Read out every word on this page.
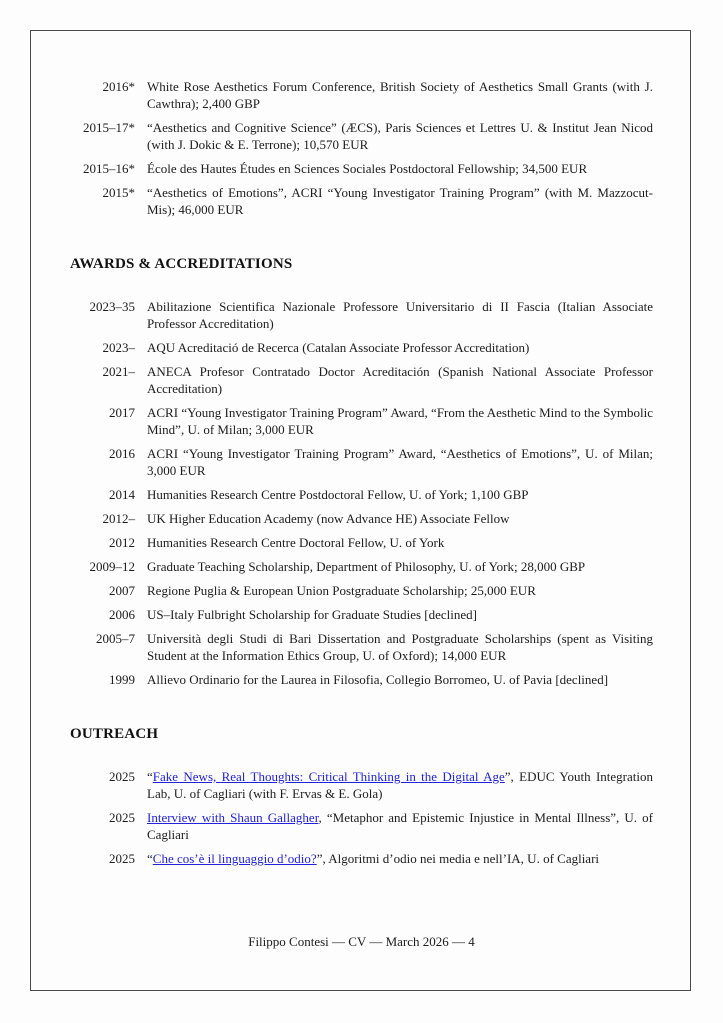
2016* White Rose Aesthetics Forum Conference, British Society of Aesthetics Small Grants (with J. Cawthra); 2,400 GBP
2015–17* “Aesthetics and Cognitive Science” (ÆCS), Paris Sciences et Lettres U. & Institut Jean Nicod (with J. Dokic & E. Terrone); 10,570 EUR
2015–16* École des Hautes Études en Sciences Sociales Postdoctoral Fellowship; 34,500 EUR
2015* “Aesthetics of Emotions”, ACRI “Young Investigator Training Program” (with M. Mazzocut-Mis); 46,000 EUR
AWARDS & ACCREDITATIONS
2023–35 Abilitazione Scientifica Nazionale Professore Universitario di II Fascia (Italian Associate Professor Accreditation)
2023– AQU Acreditació de Recerca (Catalan Associate Professor Accreditation)
2021– ANECA Profesor Contratado Doctor Acreditación (Spanish National Associate Professor Accreditation)
2017 ACRI “Young Investigator Training Program” Award, “From the Aesthetic Mind to the Symbolic Mind”, U. of Milan; 3,000 EUR
2016 ACRI “Young Investigator Training Program” Award, “Aesthetics of Emotions”, U. of Milan; 3,000 EUR
2014 Humanities Research Centre Postdoctoral Fellow, U. of York; 1,100 GBP
2012– UK Higher Education Academy (now Advance HE) Associate Fellow
2012 Humanities Research Centre Doctoral Fellow, U. of York
2009–12 Graduate Teaching Scholarship, Department of Philosophy, U. of York; 28,000 GBP
2007 Regione Puglia & European Union Postgraduate Scholarship; 25,000 EUR
2006 US–Italy Fulbright Scholarship for Graduate Studies [declined]
2005–7 Università degli Studi di Bari Dissertation and Postgraduate Scholarships (spent as Visiting Student at the Information Ethics Group, U. of Oxford); 14,000 EUR
1999 Allievo Ordinario for the Laurea in Filosofia, Collegio Borromeo, U. of Pavia [declined]
OUTREACH
2025 “Fake News, Real Thoughts: Critical Thinking in the Digital Age”, EDUC Youth Integration Lab, U. of Cagliari (with F. Ervas & E. Gola)
2025 Interview with Shaun Gallagher, “Metaphor and Epistemic Injustice in Mental Illness”, U. of Cagliari
2025 “Che cos’è il linguaggio d’odio?”, Algoritmi d’odio nei media e nell’IA, U. of Cagliari
Filippo Contesi — CV — March 2026 — 4
